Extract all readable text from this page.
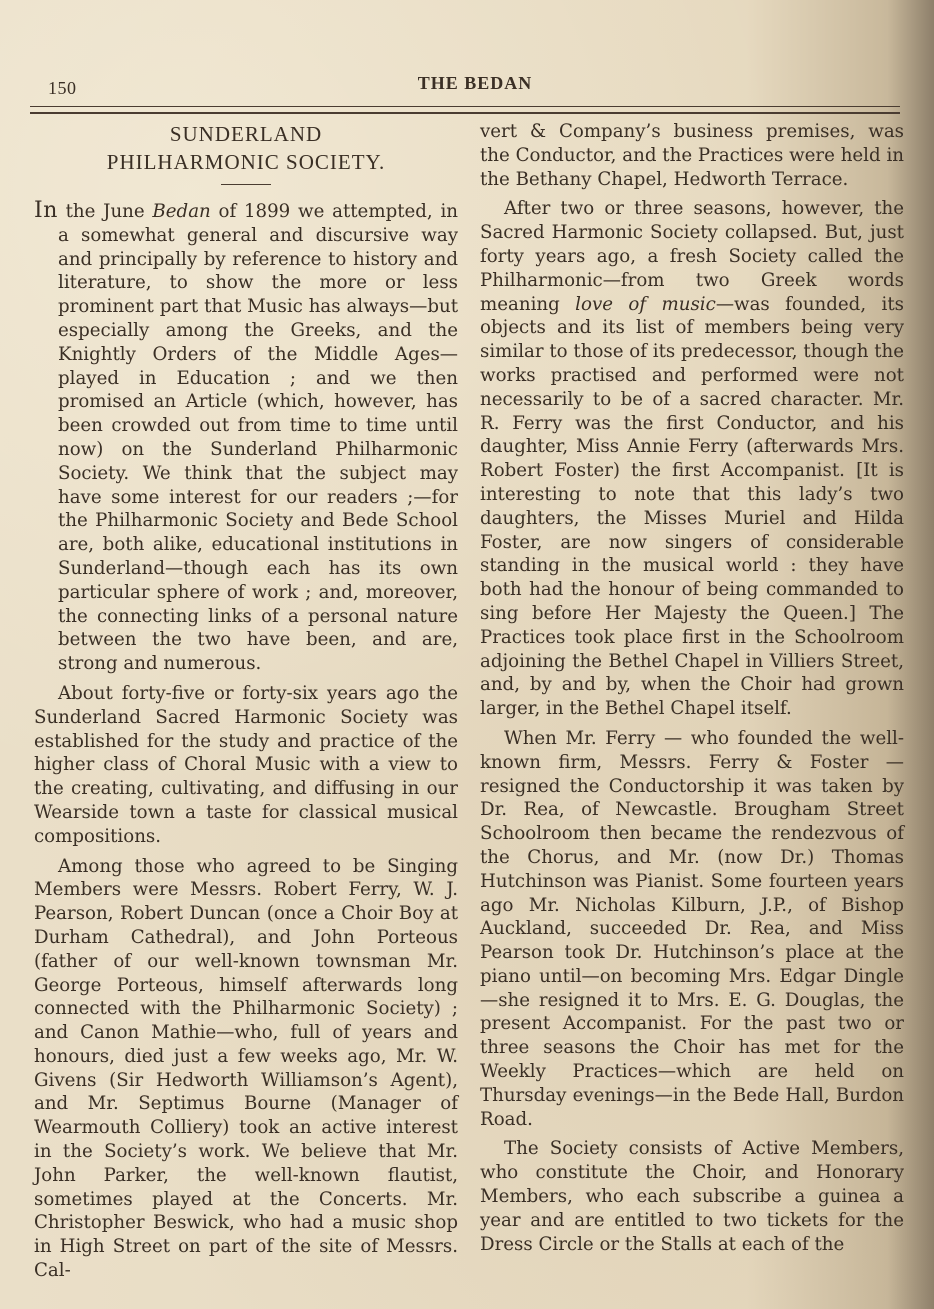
150	THE BEDAN
SUNDERLAND
PHILHARMONIC SOCIETY.

In the June Bedan of 1899 we attempted, in a somewhat general and discursive way and principally by reference to history and literature, to show the more or less prominent part that Music has always—but especially among the Greeks, and the Knightly Orders of the Middle Ages—played in Education ; and we then promised an Article (which, however, has been crowded out from time to time until now) on the Sunderland Philharmonic Society. We think that the subject may have some interest for our readers ;—for the Philharmonic Society and Bede School are, both alike, educational institutions in Sunderland—though each has its own particular sphere of work ; and, moreover, the connecting links of a personal nature between the two have been, and are, strong and numerous.

About forty-five or forty-six years ago the Sunderland Sacred Harmonic Society was established for the study and practice of the higher class of Choral Music with a view to the creating, cultivating, and diffusing in our Wearside town a taste for classical musical compositions.

Among those who agreed to be Singing Members were Messrs. Robert Ferry, W. J. Pearson, Robert Duncan (once a Choir Boy at Durham Cathedral), and John Porteous (father of our well-known townsman Mr. George Porteous, himself afterwards long connected with the Philharmonic Society) ; and Canon Mathie—who, full of years and honours, died just a few weeks ago, Mr. W. Givens (Sir Hedworth Williamson’s Agent), and Mr. Septimus Bourne (Manager of Wearmouth Colliery) took an active interest in the Society’s work. We believe that Mr. John Parker, the well-known flautist, sometimes played at the Concerts. Mr. Christopher Beswick, who had a music shop in High Street on part of the site of Messrs. Cal-

vert & Company’s business premises, was the Conductor, and the Practices were held in the Bethany Chapel, Hedworth Terrace.

After two or three seasons, however, the Sacred Harmonic Society collapsed. But, just forty years ago, a fresh Society called the Philharmonic—from two Greek words meaning love of music—was founded, its objects and its list of members being very similar to those of its predecessor, though the works practised and performed were not necessarily to be of a sacred character. Mr. R. Ferry was the first Conductor, and his daughter, Miss Annie Ferry (afterwards Mrs. Robert Foster) the first Accompanist. [It is interesting to note that this lady’s two daughters, the Misses Muriel and Hilda Foster, are now singers of considerable standing in the musical world : they have both had the honour of being commanded to sing before Her Majesty the Queen.] The Practices took place first in the Schoolroom adjoining the Bethel Chapel in Villiers Street, and, by and by, when the Choir had grown larger, in the Bethel Chapel itself.

When Mr. Ferry — who founded the well-known firm, Messrs. Ferry & Foster —resigned the Conductorship it was taken by Dr. Rea, of Newcastle. Brougham Street Schoolroom then became the rendezvous of the Chorus, and Mr. (now Dr.) Thomas Hutchinson was Pianist. Some fourteen years ago Mr. Nicholas Kilburn, J.P., of Bishop Auckland, succeeded Dr. Rea, and Miss Pearson took Dr. Hutchinson’s place at the piano until—on becoming Mrs. Edgar Dingle—she resigned it to Mrs. E. G. Douglas, the present Accompanist. For the past two or three seasons the Choir has met for the Weekly Practices—which are held on Thursday evenings—in the Bede Hall, Burdon Road.

The Society consists of Active Members, who constitute the Choir, and Honorary Members, who each subscribe a guinea a year and are entitled to two tickets for the Dress Circle or the Stalls at each of the
